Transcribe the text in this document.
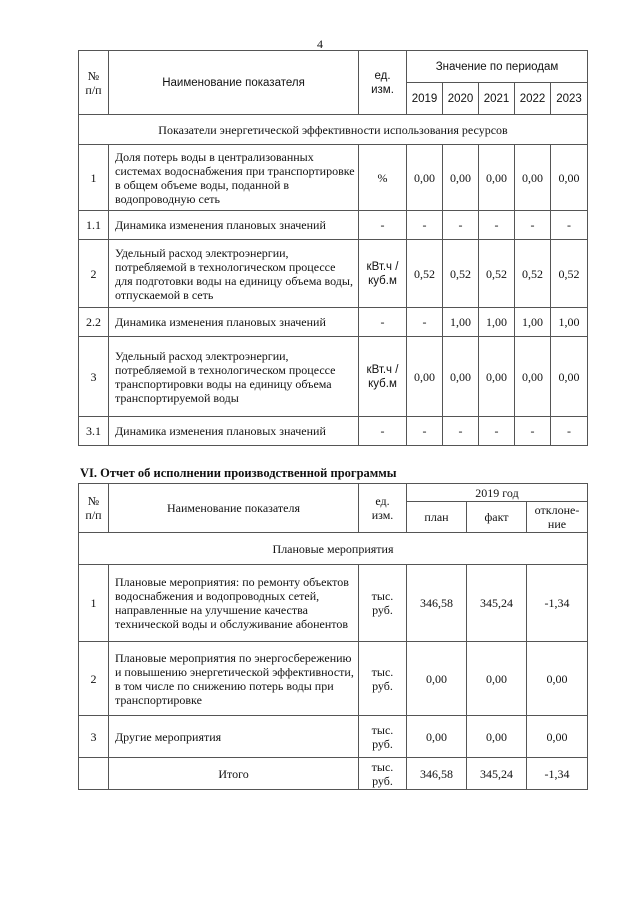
4
№
п/п	Наименование показателя	ед.
изм.	Значение по периодам				
			2019	2020	2021	2022	2023
Показатели энергетической эффективности использования ресурсов							
1	Доля потерь воды в централизованных системах водоснабжения при транспортировке в общем объеме воды, поданной в водопроводную сеть	%	0,00	0,00	0,00	0,00	0,00
1.1	Динамика изменения плановых значений	-	-	-	-	-	-
2	Удельный расход электроэнергии, потребляемой в технологическом процессе для подготовки воды на единицу объема воды, отпускаемой в сеть	кВт.ч / куб.м	0,52	0,52	0,52	0,52	0,52
2.2	Динамика изменения плановых значений	-	-	1,00	1,00	1,00	1,00
3	Удельный расход электроэнергии, потребляемой в технологическом процессе транспортировки воды на единицу объема транспортируемой воды	кВт.ч / куб.м	0,00	0,00	0,00	0,00	0,00
3.1	Динамика изменения плановых значений	-	-	-	-	-	-
VI. Отчет об исполнении производственной программы
№
п/п	Наименование показателя	ед.
изм.	2019 год		
			план	факт	отклоне-
ние
Плановые мероприятия					
1	Плановые мероприятия: по ремонту объектов водоснабжения и водопроводных сетей, направленные на улучшение качества технической воды и обслуживание абонентов	тыс.
руб.	346,58	345,24	-1,34
2	Плановые мероприятия по энергосбережению и повышению энергетической эффективности, в том числе по снижению потерь воды при транспортировке	тыс.
руб.	0,00	0,00	0,00
3	Другие мероприятия	тыс.
руб.	0,00	0,00	0,00
	Итого	тыс.
руб.	346,58	345,24	-1,34
